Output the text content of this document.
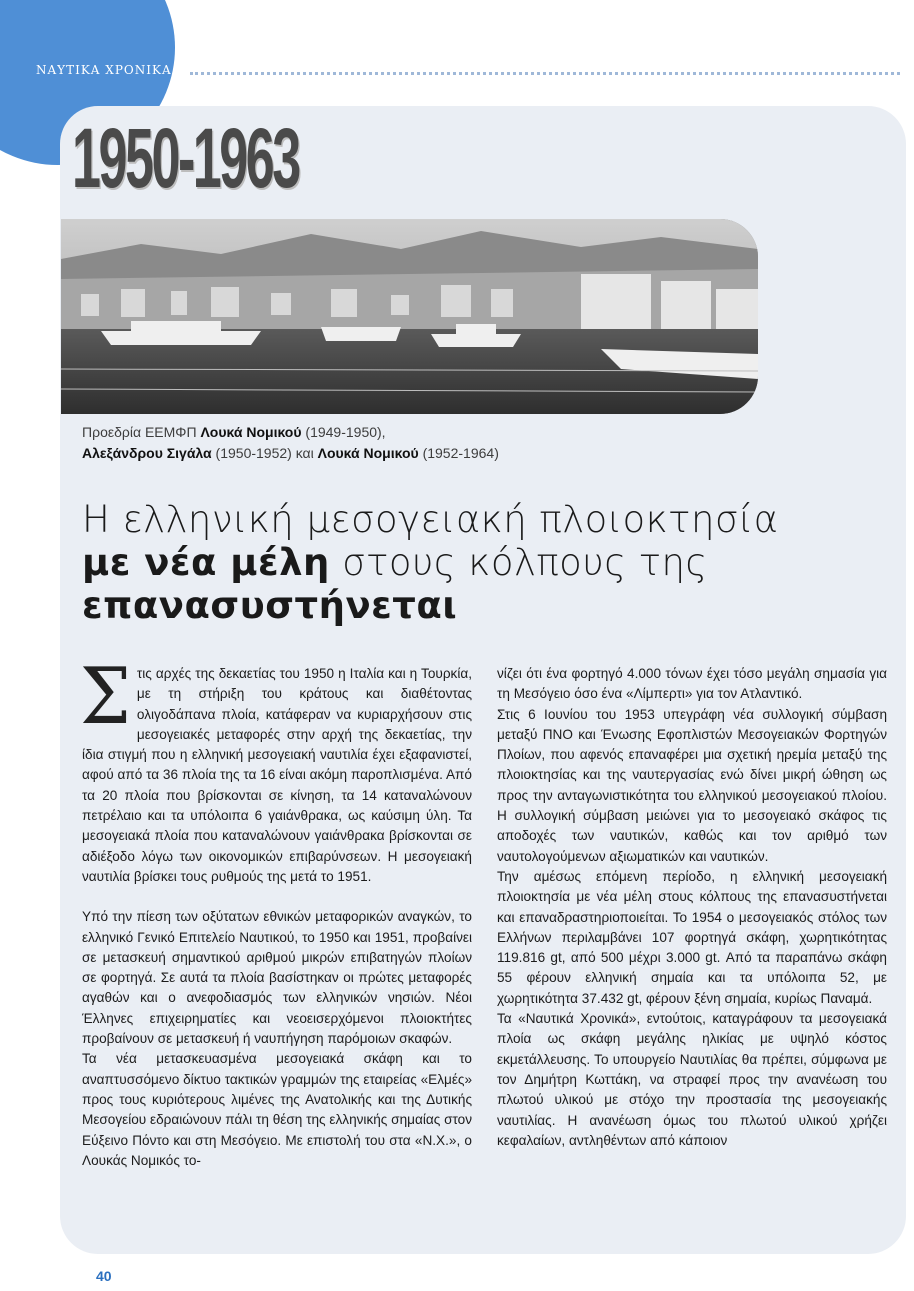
ΝΑΥΤΙΚΑ ΧΡΟΝΙΚΑ
1950-1963
Προεδρία ΕΕΜΦΠ Λουκά Νομικού (1949-1950),
Αλεξάνδρου Σιγάλα (1950-1952) και Λουκά Νομικού (1952-1964)
Η ελληνική μεσογειακή πλοιοκτησία
με νέα μέλη στους κόλπους της
επανασυστήνεται

Στις αρχές της δεκαετίας του 1950 η Ιταλία και η Τουρκία, με τη στήριξη του κράτους και διαθέτοντας ολιγοδάπανα πλοία, κατάφεραν να κυριαρχήσουν στις μεσογειακές μεταφορές στην αρχή της δεκαετίας, την ίδια στιγμή που η ελληνική μεσογειακή ναυτιλία έχει εξαφανιστεί, αφού από τα 36 πλοία της τα 16 είναι ακόμη παροπλισμένα. Από τα 20 πλοία που βρίσκονται σε κίνηση, τα 14 καταναλώνουν πετρέλαιο και τα υπόλοιπα 6 γαιάνθρακα, ως καύσιμη ύλη. Τα μεσογειακά πλοία που καταναλώνουν γαιάνθρακα βρίσκονται σε αδιέξοδο λόγω των οικονομικών επιβαρύνσεων. Η μεσογειακή ναυτιλία βρίσκει τους ρυθμούς της μετά το 1951.

Υπό την πίεση των οξύτατων εθνικών μεταφορικών αναγκών, το ελληνικό Γενικό Επιτελείο Ναυτικού, το 1950 και 1951, προβαίνει σε μετασκευή σημαντικού αριθμού μικρών επιβατηγών πλοίων σε φορτηγά. Σε αυτά τα πλοία βασίστηκαν οι πρώτες μεταφορές αγαθών και ο ανεφοδιασμός των ελληνικών νησιών. Νέοι Έλληνες επιχειρηματίες και νεοεισερχόμενοι πλοιοκτήτες προβαίνουν σε μετασκευή ή ναυπήγηση παρόμοιων σκαφών.

Τα νέα μετασκευασμένα μεσογειακά σκάφη και το αναπτυσσόμενο δίκτυο τακτικών γραμμών της εταιρείας «Ελμές» προς τους κυριότερους λιμένες της Ανατολικής και της Δυτικής Μεσογείου εδραιώνουν πάλι τη θέση της ελληνικής σημαίας στον Εύξεινο Πόντο και στη Μεσόγειο. Με επιστολή του στα «Ν.Χ.», ο Λουκάς Νομικός το-

νίζει ότι ένα φορτηγό 4.000 τόνων έχει τόσο μεγάλη σημασία για τη Μεσόγειο όσο ένα «Λίμπερτι» για τον Ατλαντικό.

Στις 6 Ιουνίου του 1953 υπεγράφη νέα συλλογική σύμβαση μεταξύ ΠΝΟ και Ένωσης Εφοπλιστών Μεσογειακών Φορτηγών Πλοίων, που αφενός επαναφέρει μια σχετική ηρεμία μεταξύ της πλοιοκτησίας και της ναυτεργασίας ενώ δίνει μικρή ώθηση ως προς την ανταγωνιστικότητα του ελληνικού μεσογειακού πλοίου. Η συλλογική σύμβαση μειώνει για το μεσογειακό σκάφος τις αποδοχές των ναυτικών, καθώς και τον αριθμό των ναυτολογούμενων αξιωματικών και ναυτικών.

Την αμέσως επόμενη περίοδο, η ελληνική μεσογειακή πλοιοκτησία με νέα μέλη στους κόλπους της επανασυστήνεται και επαναδραστηριοποιείται. Το 1954 ο μεσογειακός στόλος των Ελλήνων περιλαμβάνει 107 φορτηγά σκάφη, χωρητικότητας 119.816 gt, από 500 μέχρι 3.000 gt. Από τα παραπάνω σκάφη 55 φέρουν ελληνική σημαία και τα υπόλοιπα 52, με χωρητικότητα 37.432 gt, φέρουν ξένη σημαία, κυρίως Παναμά.

Τα «Ναυτικά Χρονικά», εντούτοις, καταγράφουν τα μεσογειακά πλοία ως σκάφη μεγάλης ηλικίας με υψηλό κόστος εκμετάλλευσης. Το υπουργείο Ναυτιλίας θα πρέπει, σύμφωνα με τον Δημήτρη Κωττάκη, να στραφεί προς την ανανέωση του πλωτού υλικού με στόχο την προστασία της μεσογειακής ναυτιλίας. Η ανανέωση όμως του πλωτού υλικού χρήζει κεφαλαίων, αντληθέντων από κάποιον

40
